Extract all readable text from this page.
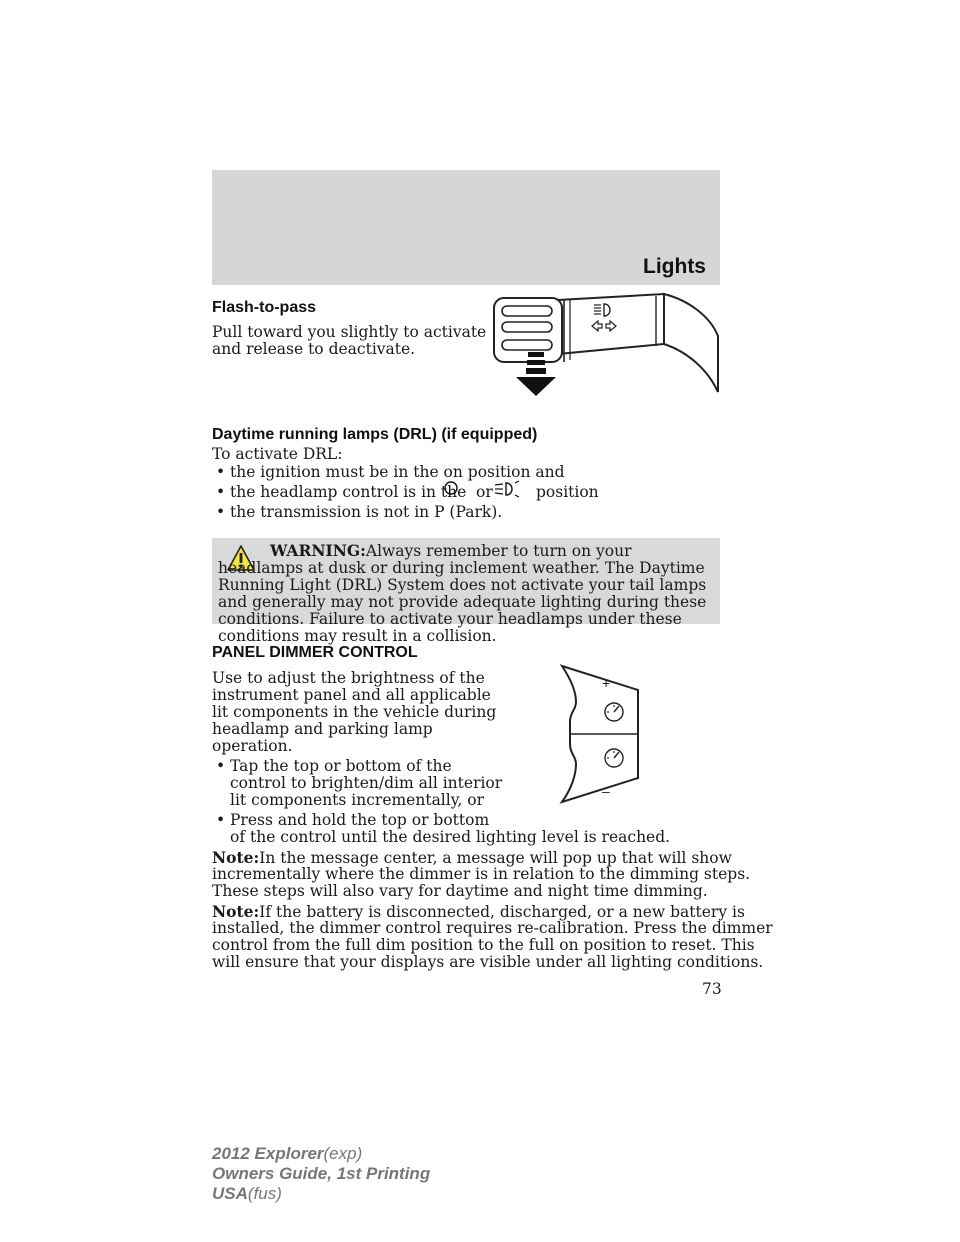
Lights
Flash-to-pass
Pull toward you slightly to activate
and release to deactivate.
Daytime running lamps (DRL) (if equipped)
To activate DRL:
• the ignition must be in the on position and
• the headlamp control is in the or	position
• the transmission is not in P (Park).
WARNING:Always remember to turn on your headlamps at dusk or during inclement weather. The Daytime Running Light (DRL) System does not activate your tail lamps and generally may not provide adequate lighting during these conditions. Failure to activate your headlamps under these conditions may result in a collision.
PANEL DIMMER CONTROL
Use to adjust the brightness of the
instrument panel and all applicable
lit components in the vehicle during
headlamp and parking lamp
operation.
• Tap the top or bottom of the
control to brighten/dim all interior
lit components incrementally, or
• Press and hold the top or bottom
of the control until the desired lighting level is reached.
+
–
Note:In the message center, a message will pop up that will show
incrementally where the dimmer is in relation to the dimming steps.
These steps will also vary for daytime and night time dimming.
Note:If the battery is disconnected, discharged, or a new battery is
installed, the dimmer control requires re-calibration. Press the dimmer
control from the full dim position to the full on position to reset. This
will ensure that your displays are visible under all lighting conditions.
73
2012 Explorer(exp)
Owners Guide, 1st Printing
USA(fus)
